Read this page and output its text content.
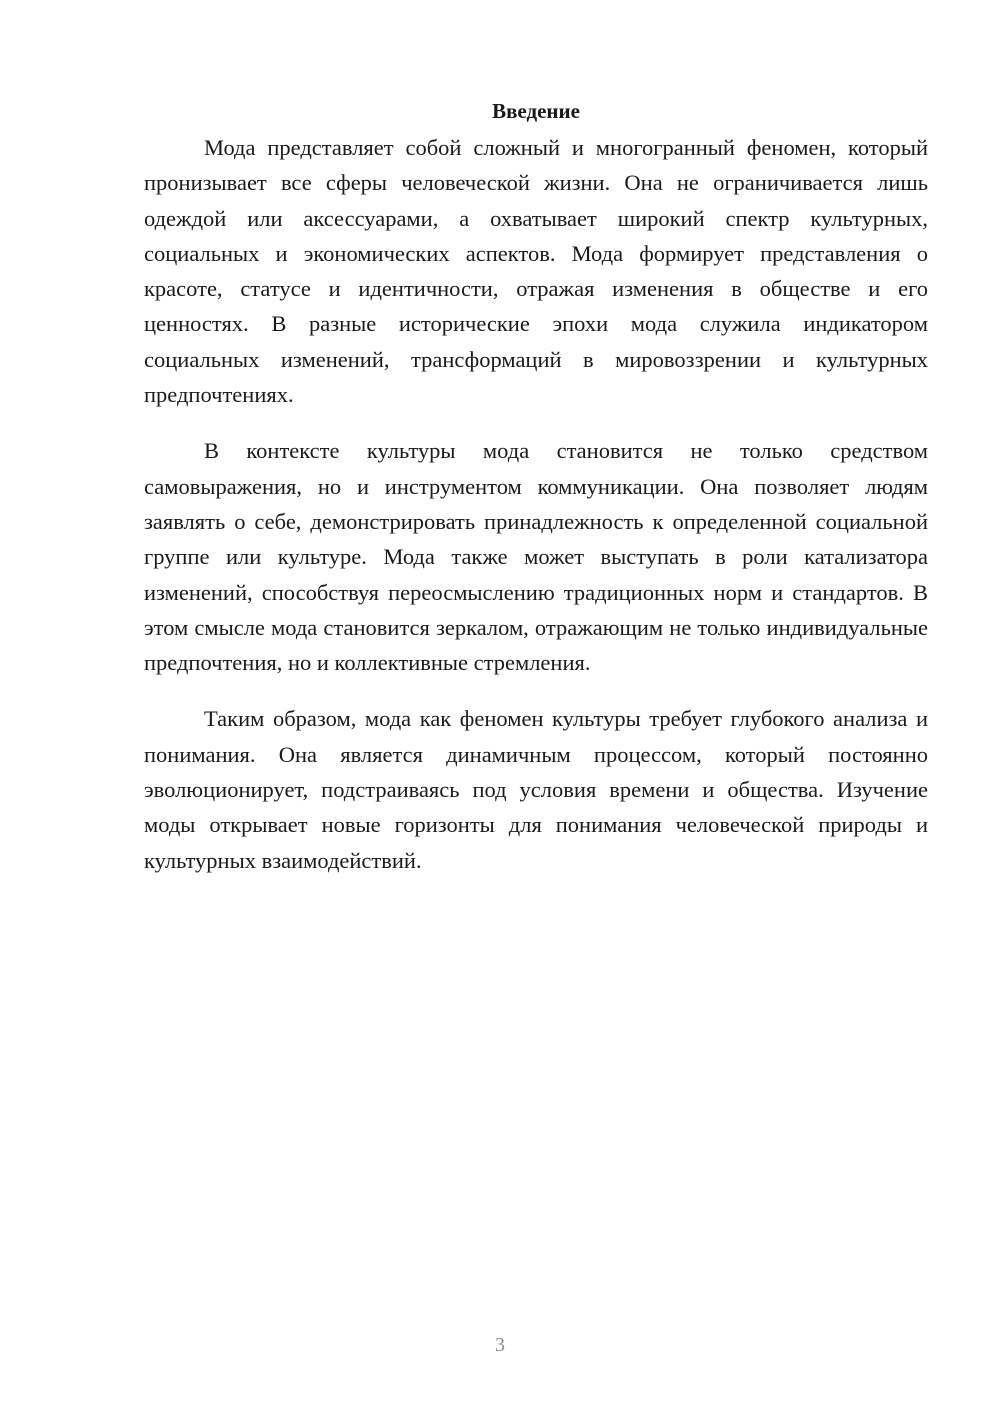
Введение

Мода представляет собой сложный и многогранный феномен, который пронизывает все сферы человеческой жизни. Она не ограничивается лишь одеждой или аксессуарами, а охватывает широкий спектр культурных, социальных и экономических аспектов. Мода формирует представления о красоте, статусе и идентичности, отражая изменения в обществе и его ценностях. В разные исторические эпохи мода служила индикатором социальных изменений, трансформаций в мировоззрении и культурных предпочтениях.

В контексте культуры мода становится не только средством самовыражения, но и инструментом коммуникации. Она позволяет людям заявлять о себе, демонстрировать принадлежность к определенной социальной группе или культуре. Мода также может выступать в роли катализатора изменений, способствуя переосмыслению традиционных норм и стандартов. В этом смысле мода становится зеркалом, отражающим не только индивидуальные предпочтения, но и коллективные стремления.

Таким образом, мода как феномен культуры требует глубокого анализа и понимания. Она является динамичным процессом, который постоянно эволюционирует, подстраиваясь под условия времени и общества. Изучение моды открывает новые горизонты для понимания человеческой природы и культурных взаимодействий.

3
